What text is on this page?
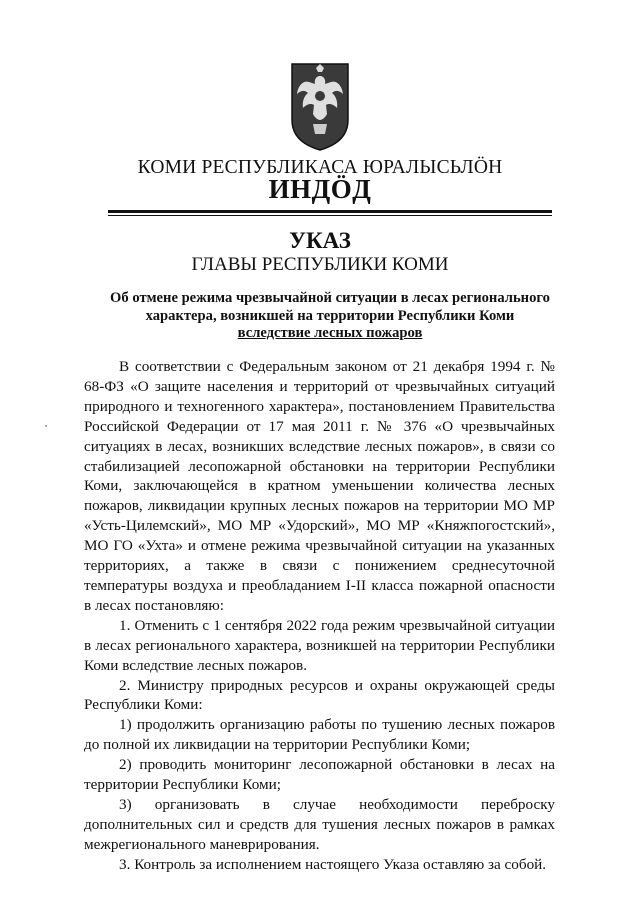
КОМИ РЕСПУБЛИКАСА ЮРАЛЫСЬЛÖН
ИНДÖД
УКАЗ
ГЛАВЫ РЕСПУБЛИКИ КОМИ
Об отмене режима чрезвычайной ситуации в лесах регионального
характера, возникшей на территории Республики Коми
вследствие лесных пожаров

В соответствии с Федеральным законом от 21 декабря 1994 г. № 68-ФЗ «О защите населения и территорий от чрезвычайных ситуаций природного и техногенного характера», постановлением Правительства Российской Федерации от 17 мая 2011 г. № 376 «О чрезвычайных ситуациях в лесах, возникших вследствие лесных пожаров», в связи со стабилизацией лесопожарной обстановки на территории Республики Коми, заключающейся в кратном уменьшении количества лесных пожаров, ликвидации крупных лесных пожаров на территории МО МР «Усть-Цилемский», МО МР «Удорский», МО МР «Княжпогостский», МО ГО «Ухта» и отмене режима чрезвычайной ситуации на указанных территориях, а также в связи с понижением среднесуточной температуры воздуха и преобладанием I-II класса пожарной опасности в лесах постановляю:

1. Отменить с 1 сентября 2022 года режим чрезвычайной ситуации в лесах регионального характера, возникшей на территории Республики Коми вследствие лесных пожаров.

2. Министру природных ресурсов и охраны окружающей среды Республики Коми:

1) продолжить организацию работы по тушению лесных пожаров до полной их ликвидации на территории Республики Коми;

2) проводить мониторинг лесопожарной обстановки в лесах на территории Республики Коми;

3) организовать в случае необходимости переброску дополнительных сил и средств для тушения лесных пожаров в рамках межрегионального маневрирования.

3. Контроль за исполнением настоящего Указа оставляю за собой.
